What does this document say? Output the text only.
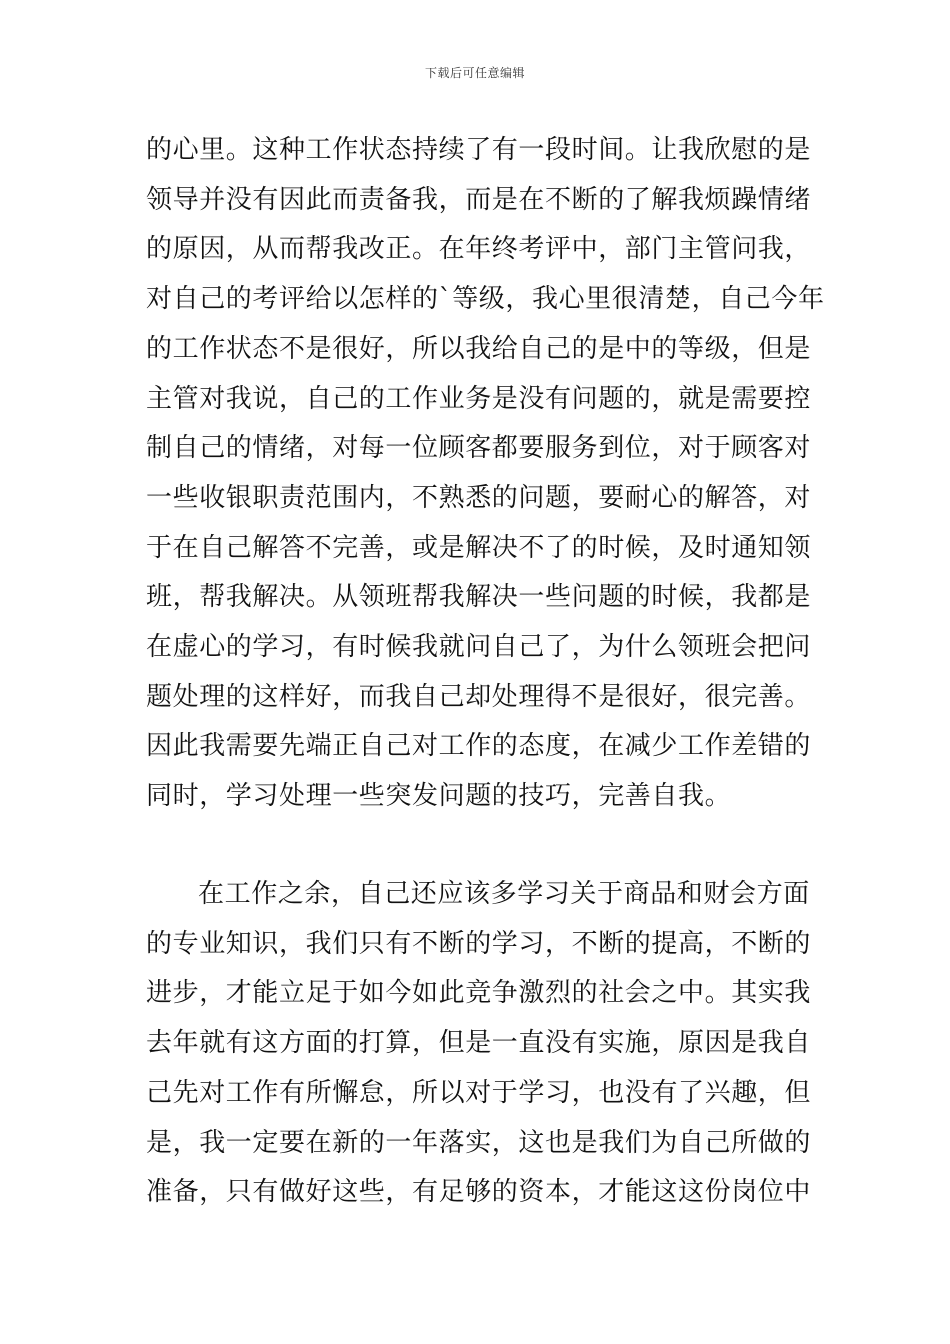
下载后可任意编辑
的心里。这种工作状态持续了有一段时间。让我欣慰的是
领导并没有因此而责备我，而是在不断的了解我烦躁情绪
的原因，从而帮我改正。在年终考评中，部门主管问我，
对自己的考评给以怎样的`等级，我心里很清楚，自己今年
的工作状态不是很好，所以我给自己的是中的等级，但是
主管对我说，自己的工作业务是没有问题的，就是需要控
制自己的情绪，对每一位顾客都要服务到位，对于顾客对
一些收银职责范围内，不熟悉的问题，要耐心的解答，对
于在自己解答不完善，或是解决不了的时候，及时通知领
班，帮我解决。从领班帮我解决一些问题的时候，我都是
在虚心的学习，有时候我就问自己了，为什么领班会把问
题处理的这样好，而我自己却处理得不是很好，很完善。
因此我需要先端正自己对工作的态度，在减少工作差错的
同时，学习处理一些突发问题的技巧，完善自我。
在工作之余，自己还应该多学习关于商品和财会方面
的专业知识，我们只有不断的学习，不断的提高，不断的
进步，才能立足于如今如此竞争激烈的社会之中。其实我
去年就有这方面的打算，但是一直没有实施，原因是我自
己先对工作有所懈怠，所以对于学习，也没有了兴趣，但
是，我一定要在新的一年落实，这也是我们为自己所做的
准备，只有做好这些，有足够的资本，才能这这份岗位中
